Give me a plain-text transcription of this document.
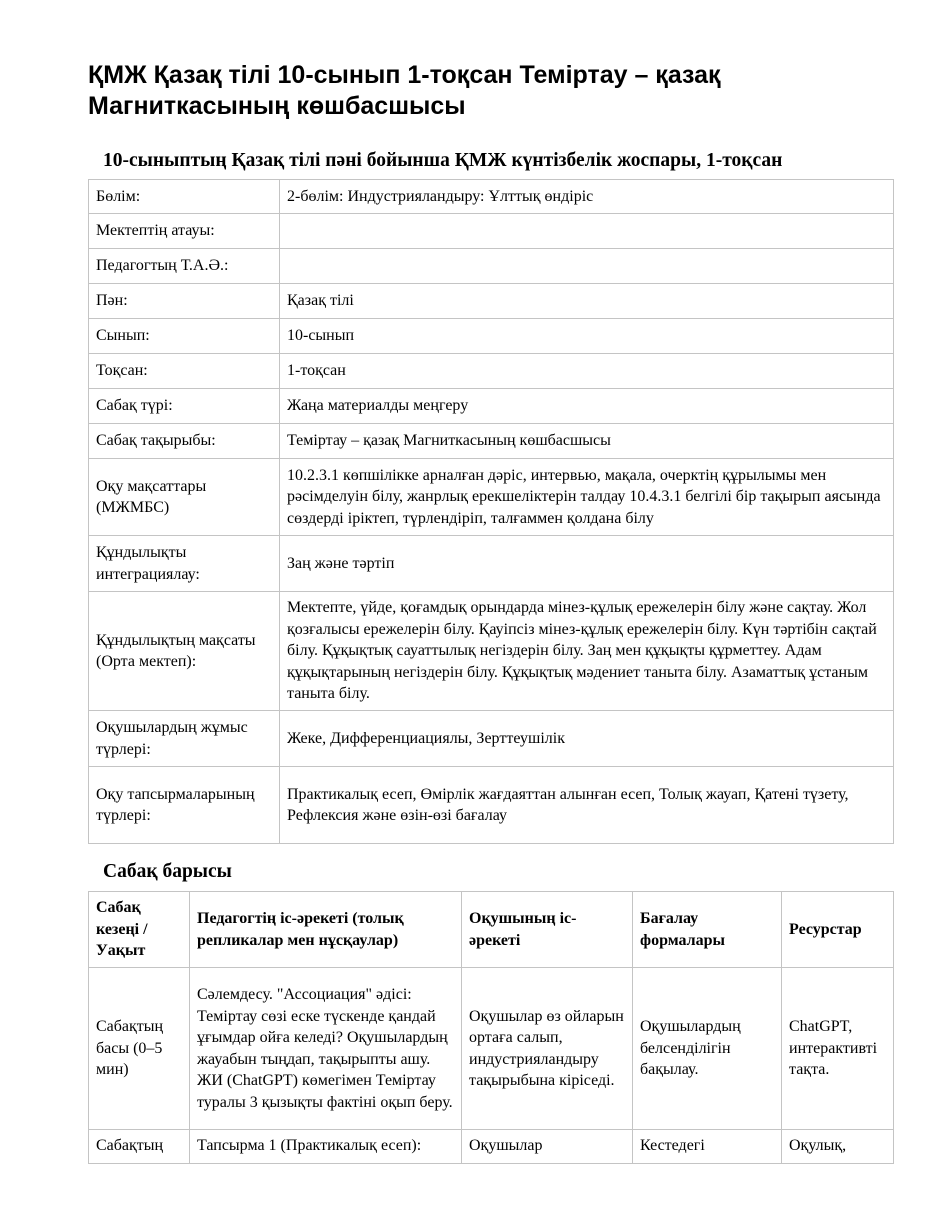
ҚМЖ Қазақ тілі 10-сынып 1-тоқсан Теміртау – қазақ Магниткасының көшбасшысы
10-сыныптың Қазақ тілі пәні бойынша ҚМЖ күнтізбелік жоспары, 1-тоқсан
Бөлім:	2-бөлім: Индустрияландыру: Ұлттық өндіріс
Мектептің атауы:	
Педагогтың Т.А.Ә.:	
Пән:	Қазақ тілі
Сынып:	10-сынып
Тоқсан:	1-тоқсан
Сабақ түрі:	Жаңа материалды меңгеру
Сабақ тақырыбы:	Теміртау – қазақ Магниткасының көшбасшысы
Оқу мақсаттары (МЖМБС)	10.2.3.1 көпшілікке арналған дәріс, интервью, мақала, очерктің құрылымы мен рәсімделуін білу, жанрлық ерекшеліктерін талдау 10.4.3.1 белгілі бір тақырып аясында сөздерді іріктеп, түрлендіріп, талғаммен қолдана білу
Құндылықты интеграциялау:	Заң және тәртіп
Құндылықтың мақсаты (Орта мектеп):	Мектепте, үйде, қоғамдық орындарда мінез-құлық ережелерін білу және сақтау. Жол қозғалысы ережелерін білу. Қауіпсіз мінез-құлық ережелерін білу. Күн тәртібін сақтай білу. Құқықтық сауаттылық негіздерін білу. Заң мен құқықты құрметтеу. Адам құқықтарының негіздерін білу. Құқықтық мәдениет таныта білу. Азаматтық ұстаным таныта білу.
Оқушылардың жұмыс түрлері:	Жеке, Дифференциациялы, Зерттеушілік
Оқу тапсырмаларының түрлері:	Практикалық есеп, Өмірлік жағдаяттан алынған есеп, Толық жауап, Қатені түзету, Рефлексия және өзін-өзі бағалау
Сабақ барысы
Сабақ кезеңі / Уақыт	Педагогтің іс-әрекеті (толық репликалар мен нұсқаулар)	Оқушының іс-әрекеті	Бағалау формалары	Ресурстар
Сабақтың басы (0–5 мин)	Сәлемдесу. "Ассоциация" әдісі: Теміртау сөзі еске түскенде қандай ұғымдар ойға келеді? Оқушылардың жауабын тыңдап, тақырыпты ашу. ЖИ (ChatGPT) көмегімен Теміртау туралы 3 қызықты фактіні оқып беру.	Оқушылар өз ойларын ортаға салып, индустрияландыру тақырыбына кіріседі.	Оқушылардың белсенділігін бақылау.	ChatGPT, интерактивті тақта.
Сабақтың	Тапсырма 1 (Практикалық есеп):	Оқушылар	Кестедегі	Оқулық,
